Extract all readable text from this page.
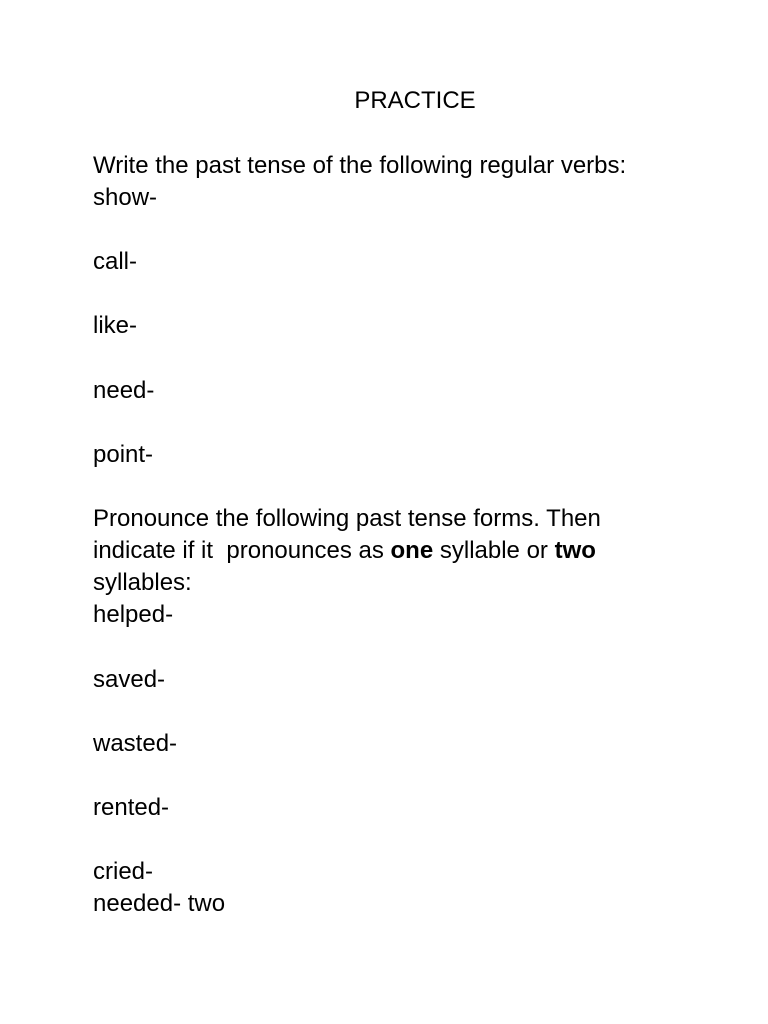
PRACTICE
Write the past tense of the following regular verbs:
show-
call-
like-
need-
point-
Pronounce the following past tense forms. Then
indicate if it  pronounces as one syllable or two
syllables:
helped-
saved-
wasted-
rented-
cried-
needed- two
